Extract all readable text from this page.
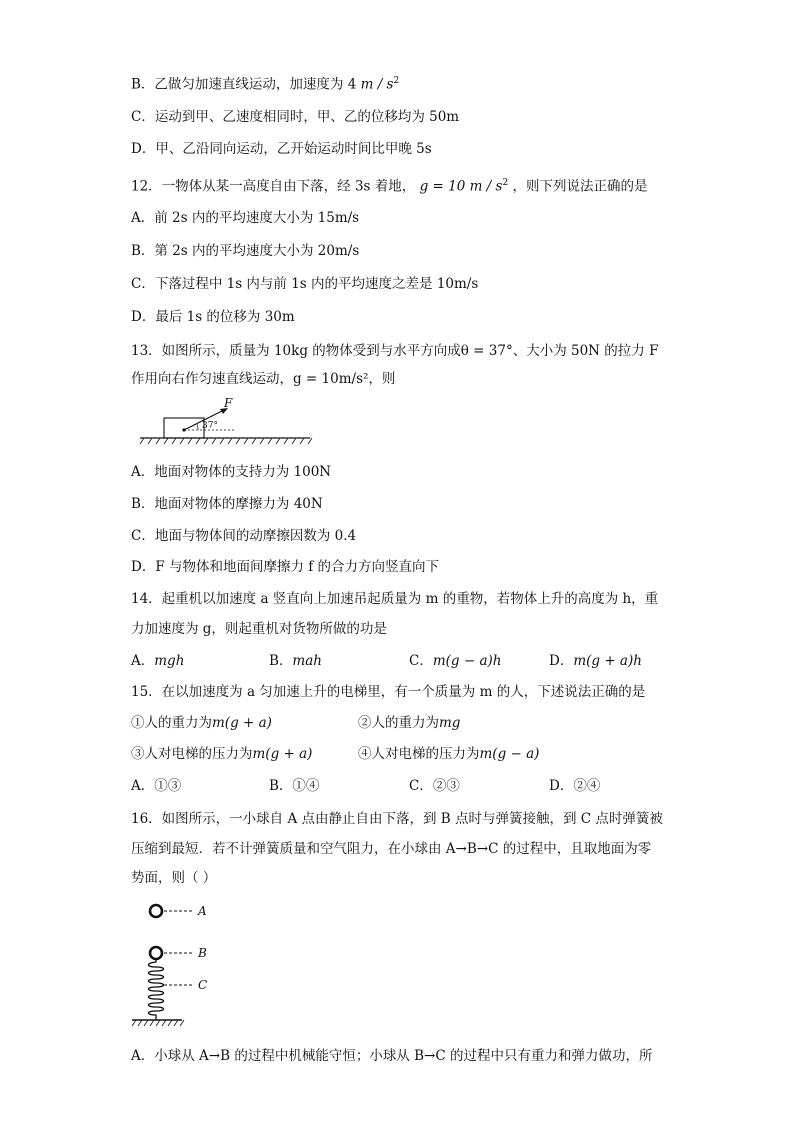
B．乙做匀加速直线运动，加速度为 4 m / $s^2$
C．运动到甲、乙速度相同时，甲、乙的位移均为 50m
D．甲、乙沿同向运动，乙开始运动时间比甲晚 5s
12．一物体从某一高度自由下落，经 3s 着地， g = 10 m / $s^2$ ，则下列说法正确的是
A．前 2s 内的平均速度大小为 15m/s
B．第 2s 内的平均速度大小为 20m/s
C．下落过程中 1s 内与前 1s 内的平均速度之差是 10m/s
D．最后 1s 的位移为 30m
13．如图所示，质量为 10kg 的物体受到与水平方向成θ = 37°、大小为 50N 的拉力 F
作用向右作匀速直线运动，g = 10m/s²，则
F
37°
A．地面对物体的支持力为 100N
B．地面对物体的摩擦力为 40N
C．地面与物体间的动摩擦因数为 0.4
D．F 与物体和地面间摩擦力 f 的合力方向竖直向下
14．起重机以加速度 a 竖直向上加速吊起质量为 m 的重物，若物体上升的高度为 h，重
力加速度为 g，则起重机对货物所做的功是
A．mgh	B．mah	C．m(g − a)h	D．m(g + a)h
15．在以加速度为 a 匀加速上升的电梯里，有一个质量为 m 的人，下述说法正确的是
①人的重力为m(g + a)	②人的重力为mg
③人对电梯的压力为m(g + a)	④人对电梯的压力为m(g − a)
A．①③	B．①④	C．②③	D．②④
16．如图所示，一小球自 A 点由静止自由下落，到 B 点时与弹簧接触，到 C 点时弹簧被
压缩到最短．若不计弹簧质量和空气阻力，在小球由 A→B→C 的过程中，且取地面为零
势面，则（ ）
A
B
C
A．小球从 A→B 的过程中机械能守恒；小球从 B→C 的过程中只有重力和弹力做功，所
